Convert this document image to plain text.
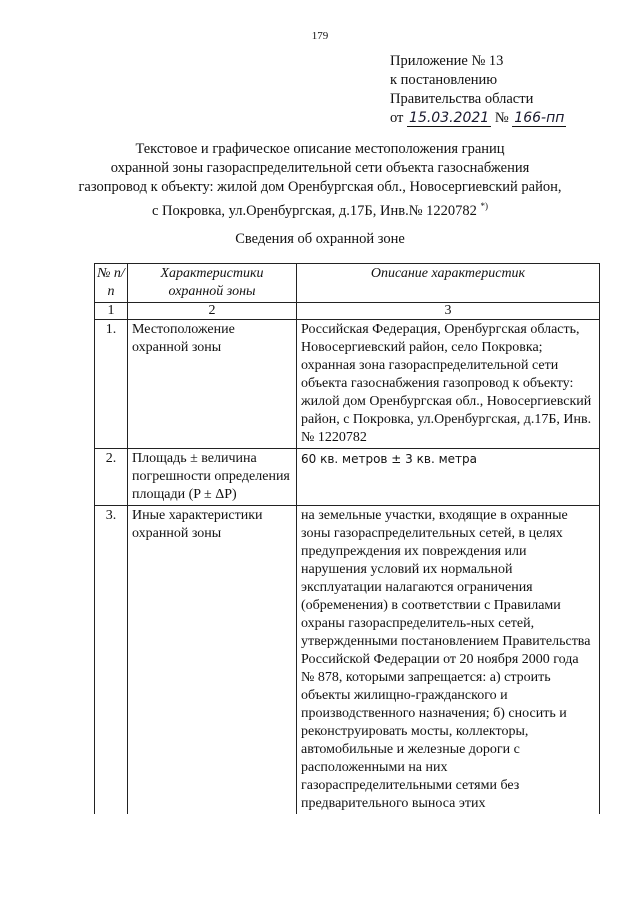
179
Приложение № 13
к постановлению
Правительства области
от 15.03.2021 № 166-пп
Текстовое и графическое описание местоположения границ
охранной зоны газораспределительной сети объекта газоснабжения
газопровод к объекту: жилой дом Оренбургская обл., Новосергиевский район,
с Покровка, ул.Оренбургская, д.17Б, Инв.№ 1220782 *)
Сведения об охранной зоне
№ п/п	Характеристики охранной зоны	Описание характеристик
1	2	3
1.	Местоположение охранной зоны	Российская Федерация, Оренбургская область, Новосергиевский район, село Покровка; охранная зона газораспределительной сети объекта газоснабжения газопровод к объекту: жилой дом Оренбургская обл., Новосергиевский район, с Покровка, ул.Оренбургская, д.17Б, Инв.№ 1220782
2.	Площадь ± величина погрешности определения площади (P ± ΔP)	60 кв. метров ± 3 кв. метра
3.	Иные характеристики охранной зоны	на земельные участки, входящие в охранные зоны газораспределительных сетей, в целях предупреждения их повреждения или нарушения условий их нормальной эксплуатации налагаются ограничения (обременения) в соответствии с Правилами охраны газораспределитель-ных сетей, утвержденными постановлением Правительства Российской Федерации от 20 ноября 2000 года № 878, которыми запрещается: а) строить объекты жилищно-гражданского и производственного назначения; б) сносить и реконструировать мосты, коллекторы, автомобильные и железные дороги с расположенными на них газораспределительными сетями без предварительного выноса этих
